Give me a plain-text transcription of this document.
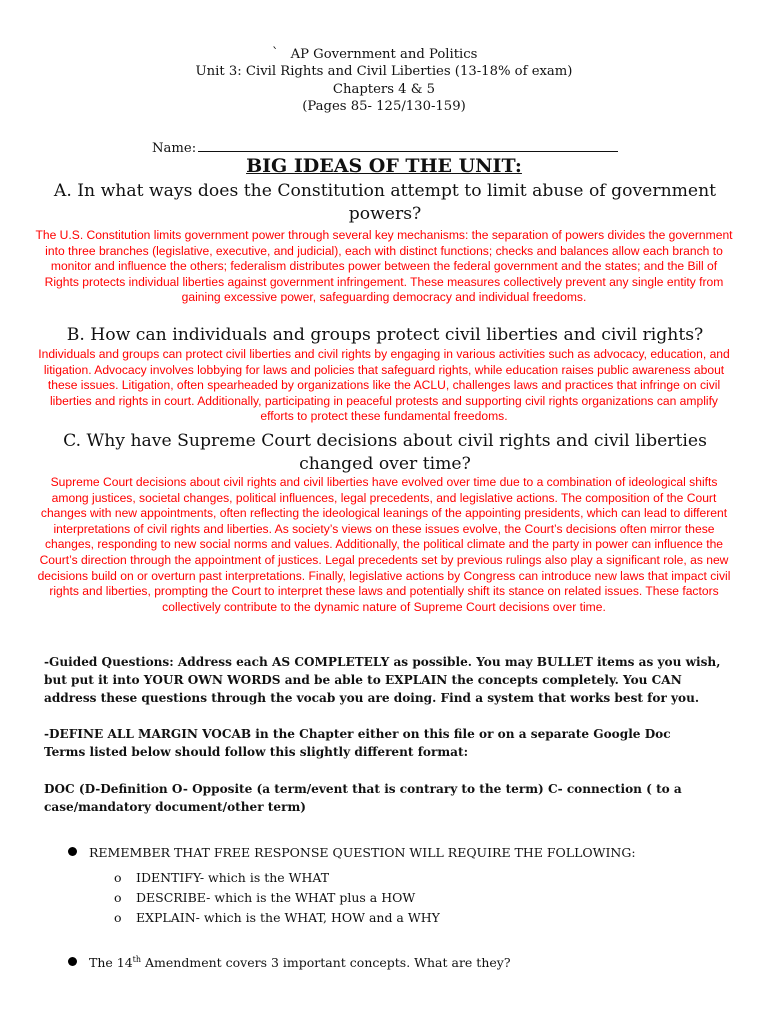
` AP Government and Politics
Unit 3: Civil Rights and Civil Liberties (13-18% of exam)
Chapters 4 & 5
(Pages 85- 125/130-159)
Name:
BIG IDEAS OF THE UNIT:
A. In what ways does the Constitution attempt to limit abuse of government powers?
The U.S. Constitution limits government power through several key mechanisms: the separation of powers divides the government into three branches (legislative, executive, and judicial), each with distinct functions; checks and balances allow each branch to monitor and influence the others; federalism distributes power between the federal government and the states; and the Bill of Rights protects individual liberties against government infringement. These measures collectively prevent any single entity from gaining excessive power, safeguarding democracy and individual freedoms.
B. How can individuals and groups protect civil liberties and civil rights?
Individuals and groups can protect civil liberties and civil rights by engaging in various activities such as advocacy, education, and litigation. Advocacy involves lobbying for laws and policies that safeguard rights, while education raises public awareness about these issues. Litigation, often spearheaded by organizations like the ACLU, challenges laws and practices that infringe on civil liberties and rights in court. Additionally, participating in peaceful protests and supporting civil rights organizations can amplify efforts to protect these fundamental freedoms.
C. Why have Supreme Court decisions about civil rights and civil liberties changed over time?
Supreme Court decisions about civil rights and civil liberties have evolved over time due to a combination of ideological shifts among justices, societal changes, political influences, legal precedents, and legislative actions. The composition of the Court changes with new appointments, often reflecting the ideological leanings of the appointing presidents, which can lead to different interpretations of civil rights and liberties. As society’s views on these issues evolve, the Court’s decisions often mirror these changes, responding to new social norms and values. Additionally, the political climate and the party in power can influence the Court’s direction through the appointment of justices. Legal precedents set by previous rulings also play a significant role, as new decisions build on or overturn past interpretations. Finally, legislative actions by Congress can introduce new laws that impact civil rights and liberties, prompting the Court to interpret these laws and potentially shift its stance on related issues. These factors collectively contribute to the dynamic nature of Supreme Court decisions over time.
-Guided Questions: Address each AS COMPLETELY as possible. You may BULLET items as you wish, but put it into YOUR OWN WORDS and be able to EXPLAIN the concepts completely. You CAN address these questions through the vocab you are doing. Find a system that works best for you.
-DEFINE ALL MARGIN VOCAB in the Chapter either on this file or on a separate Google Doc
Terms listed below should follow this slightly different format:
DOC (D-Definition O- Opposite (a term/event that is contrary to the term) C- connection ( to a case/mandatory document/other term)
REMEMBER THAT FREE RESPONSE QUESTION WILL REQUIRE THE FOLLOWING:
o IDENTIFY- which is the WHAT
o DESCRIBE- which is the WHAT plus a HOW
o EXPLAIN- which is the WHAT, HOW and a WHY
The 14th Amendment covers 3 important concepts. What are they?
